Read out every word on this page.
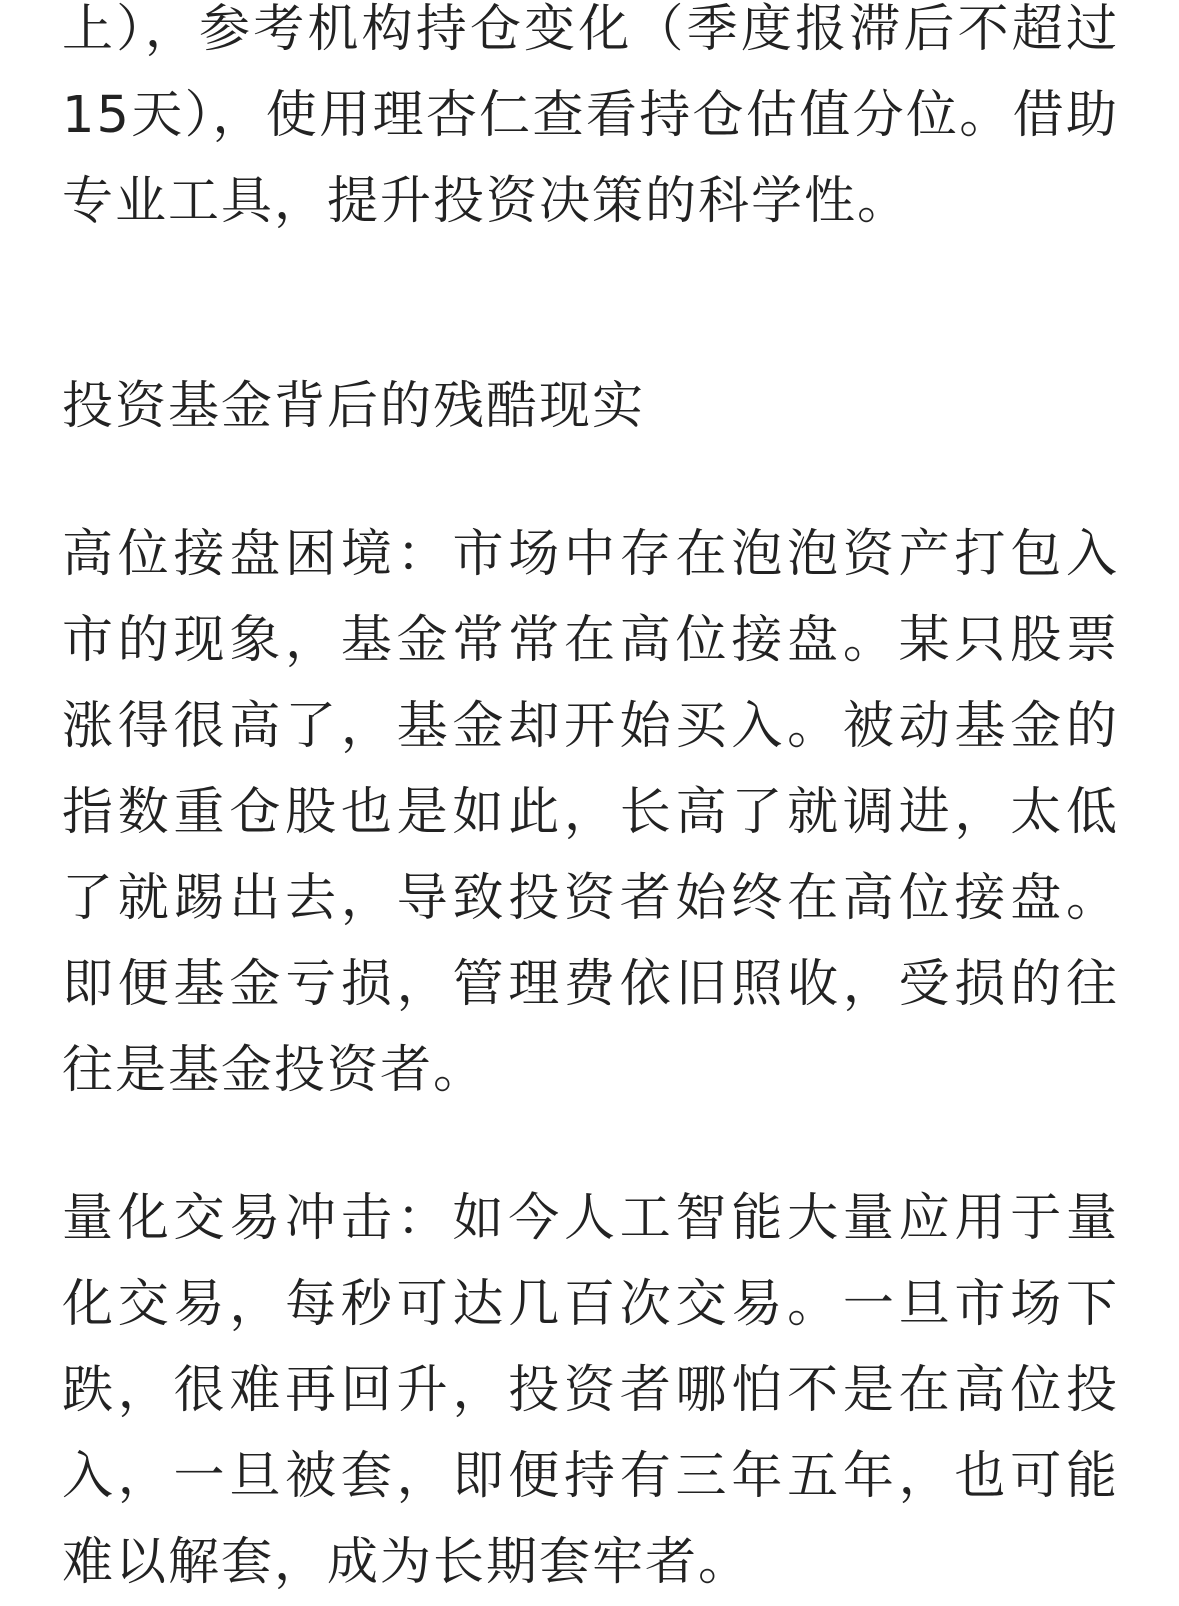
上），参考机构持仓变化（季度报滞后不超过15天），使用理杏仁查看持仓估值分位。借助专业工具，提升投资决策的科学性。

投资基金背后的残酷现实

高位接盘困境：市场中存在泡泡资产打包入市的现象，基金常常在高位接盘。某只股票涨得很高了，基金却开始买入。被动基金的指数重仓股也是如此，长高了就调进，太低了就踢出去，导致投资者始终在高位接盘。即便基金亏损，管理费依旧照收，受损的往往是基金投资者。

量化交易冲击：如今人工智能大量应用于量化交易，每秒可达几百次交易。一旦市场下跌，很难再回升，投资者哪怕不是在高位投入，一旦被套，即便持有三年五年，也可能难以解套，成为长期套牢者。
